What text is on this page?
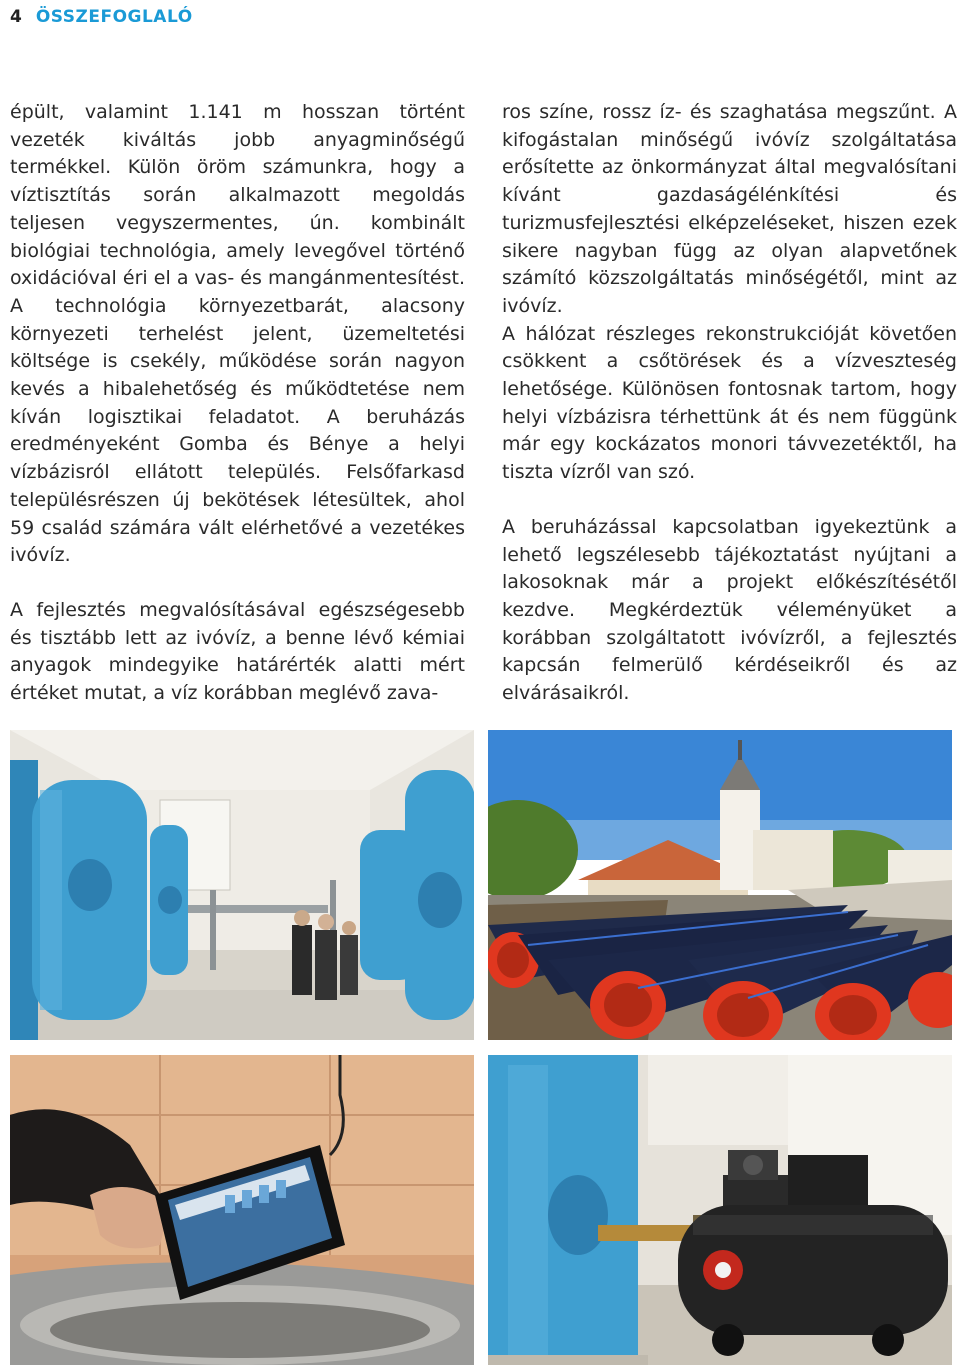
4 ÖSSZEFOGLALÓ

épült, valamint 1.141 m hosszan történt vezeték kiváltás jobb anyagminőségű termékkel. Külön öröm számunkra, hogy a víztisztítás során alkalmazott megoldás teljesen vegyszermentes, ún. kombinált biológiai technológia, amely levegővel történő oxidációval éri el a vas- és mangánmentesítést. A technológia környezetbarát, alacsony környezeti terhelést jelent, üzemeltetési költsége is csekély, működése során nagyon kevés a hibalehetőség és működtetése nem kíván logisztikai feladatot. A beruházás eredményeként Gomba és Bénye a helyi vízbázisról ellátott település. Felsőfarkasd településrészen új bekötések létesültek, ahol 59 család számára vált elérhetővé a vezetékes ivóvíz.

A fejlesztés megvalósításával egészségesebb és tisztább lett az ivóvíz, a benne lévő kémiai anyagok mindegyike határérték alatti mért értéket mutat, a víz korábban meglévő zava-

ros színe, rossz íz- és szaghatása megszűnt. A kifogástalan minőségű ivóvíz szolgáltatása erősítette az önkormányzat által megvalósítani kívánt gazdaságélénkítési és turizmusfejlesztési elképzeléseket, hiszen ezek sikere nagyban függ az olyan alapvetőnek számító közszolgáltatás minőségétől, mint az ivóvíz.

A hálózat részleges rekonstrukcióját követően csökkent a csőtörések és a vízveszteség lehetősége. Különösen fontosnak tartom, hogy helyi vízbázisra térhettünk át és nem függünk már egy kockázatos monori távvezetéktől, ha tiszta vízről van szó.

A beruházással kapcsolatban igyekeztünk a lehető legszélesebb tájékoztatást nyújtani a lakosoknak már a projekt előkészítésétől kezdve. Megkérdeztük véleményüket a korábban szolgáltatott ivóvízről, a fejlesztés kapcsán felmerülő kérdéseikről és az elvárásaikról.
